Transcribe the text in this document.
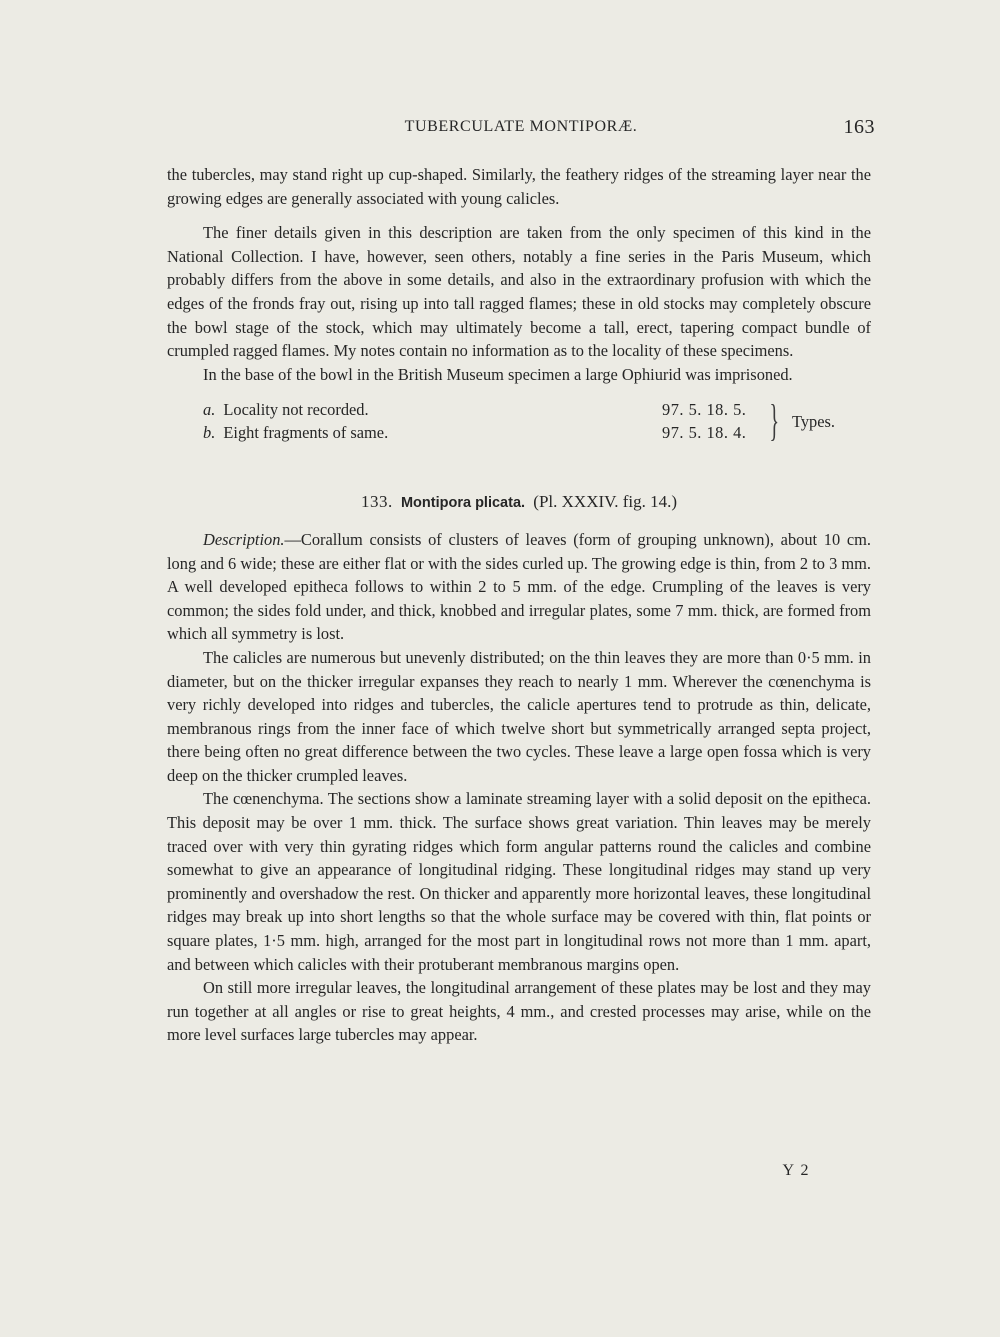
TUBERCULATE MONTIPORÆ.	163

the tubercles, may stand right up cup-shaped. Similarly, the feathery ridges of the streaming layer near the growing edges are generally associated with young calicles.

The finer details given in this description are taken from the only specimen of this kind in the National Collection. I have, however, seen others, notably a fine series in the Paris Museum, which probably differs from the above in some details, and also in the extraordinary profusion with which the edges of the fronds fray out, rising up into tall ragged flames; these in old stocks may completely obscure the bowl stage of the stock, which may ultimately become a tall, erect, tapering compact bundle of crumpled ragged flames. My notes contain no information as to the locality of these specimens.

In the base of the bowl in the British Museum specimen a large Ophiurid was imprisoned.

a. Locality not recorded.	97. 5. 18. 5.
b. Eight fragments of same.	97. 5. 18. 4. } Types.
133. Montipora plicata. (Pl. XXXIV. fig. 14.)

Description.—Corallum consists of clusters of leaves (form of grouping unknown), about 10 cm. long and 6 wide; these are either flat or with the sides curled up. The growing edge is thin, from 2 to 3 mm. A well developed epitheca follows to within 2 to 5 mm. of the edge. Crumpling of the leaves is very common; the sides fold under, and thick, knobbed and irregular plates, some 7 mm. thick, are formed from which all symmetry is lost.

The calicles are numerous but unevenly distributed; on the thin leaves they are more than 0·5 mm. in diameter, but on the thicker irregular expanses they reach to nearly 1 mm. Wherever the cœnenchyma is very richly developed into ridges and tubercles, the calicle apertures tend to protrude as thin, delicate, membranous rings from the inner face of which twelve short but symmetrically arranged septa project, there being often no great difference between the two cycles. These leave a large open fossa which is very deep on the thicker crumpled leaves.

The cœnenchyma. The sections show a laminate streaming layer with a solid deposit on the epitheca. This deposit may be over 1 mm. thick. The surface shows great variation. Thin leaves may be merely traced over with very thin gyrating ridges which form angular patterns round the calicles and combine somewhat to give an appearance of longitudinal ridging. These longitudinal ridges may stand up very prominently and overshadow the rest. On thicker and apparently more horizontal leaves, these longitudinal ridges may break up into short lengths so that the whole surface may be covered with thin, flat points or square plates, 1·5 mm. high, arranged for the most part in longitudinal rows not more than 1 mm. apart, and between which calicles with their protuberant membranous margins open.

On still more irregular leaves, the longitudinal arrangement of these plates may be lost and they may run together at all angles or rise to great heights, 4 mm., and crested processes may arise, while on the more level surfaces large tubercles may appear.

Y 2
